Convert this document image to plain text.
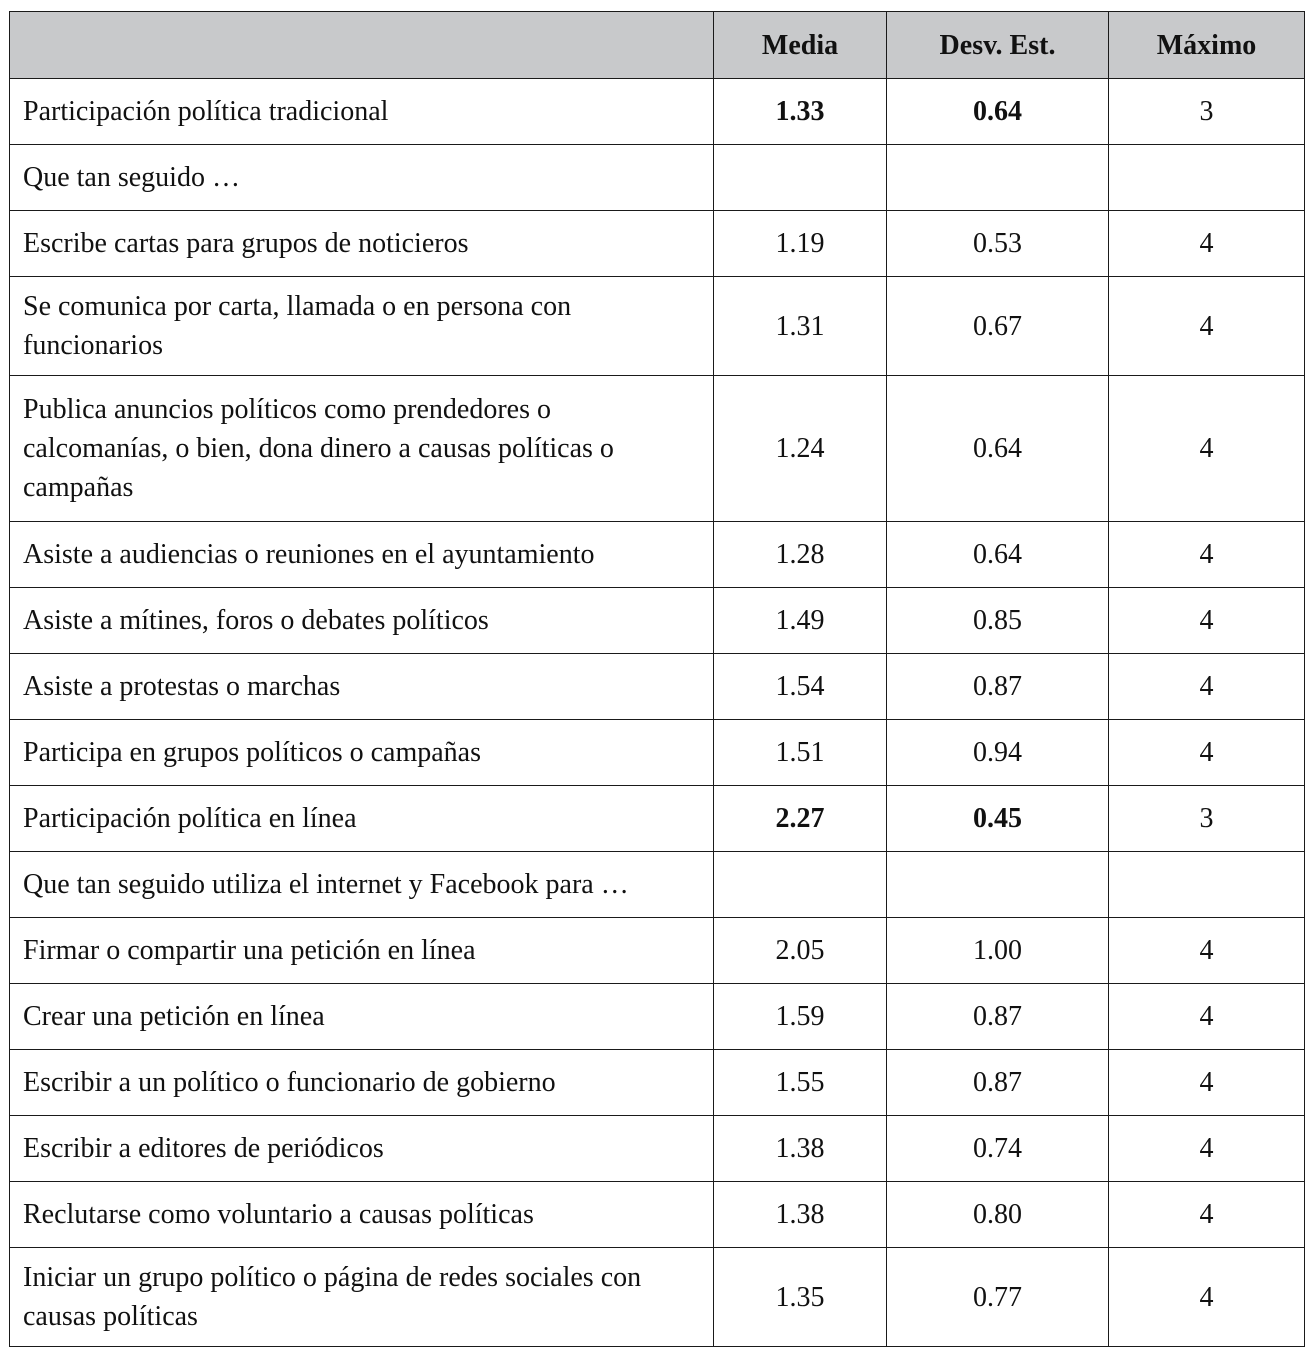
	Media	Desv. Est.	Máximo
Participación política tradicional	1.33	0.64	3
Que tan seguido …			
Escribe cartas para grupos de noticieros	1.19	0.53	4
Se comunica por carta, llamada o en persona con funcionarios	1.31	0.67	4
Publica anuncios políticos como prendedores o calcomanías, o bien, dona dinero a causas políticas o campañas	1.24	0.64	4
Asiste a audiencias o reuniones en el ayuntamiento	1.28	0.64	4
Asiste a mítines, foros o debates políticos	1.49	0.85	4
Asiste a protestas o marchas	1.54	0.87	4
Participa en grupos políticos o campañas	1.51	0.94	4
Participación política en línea	2.27	0.45	3
Que tan seguido utiliza el internet y Facebook para …			
Firmar o compartir una petición en línea	2.05	1.00	4
Crear una petición en línea	1.59	0.87	4
Escribir a un político o funcionario de gobierno	1.55	0.87	4
Escribir a editores de periódicos	1.38	0.74	4
Reclutarse como voluntario a causas políticas	1.38	0.80	4
Iniciar un grupo político o página de redes sociales con causas políticas	1.35	0.77	4
